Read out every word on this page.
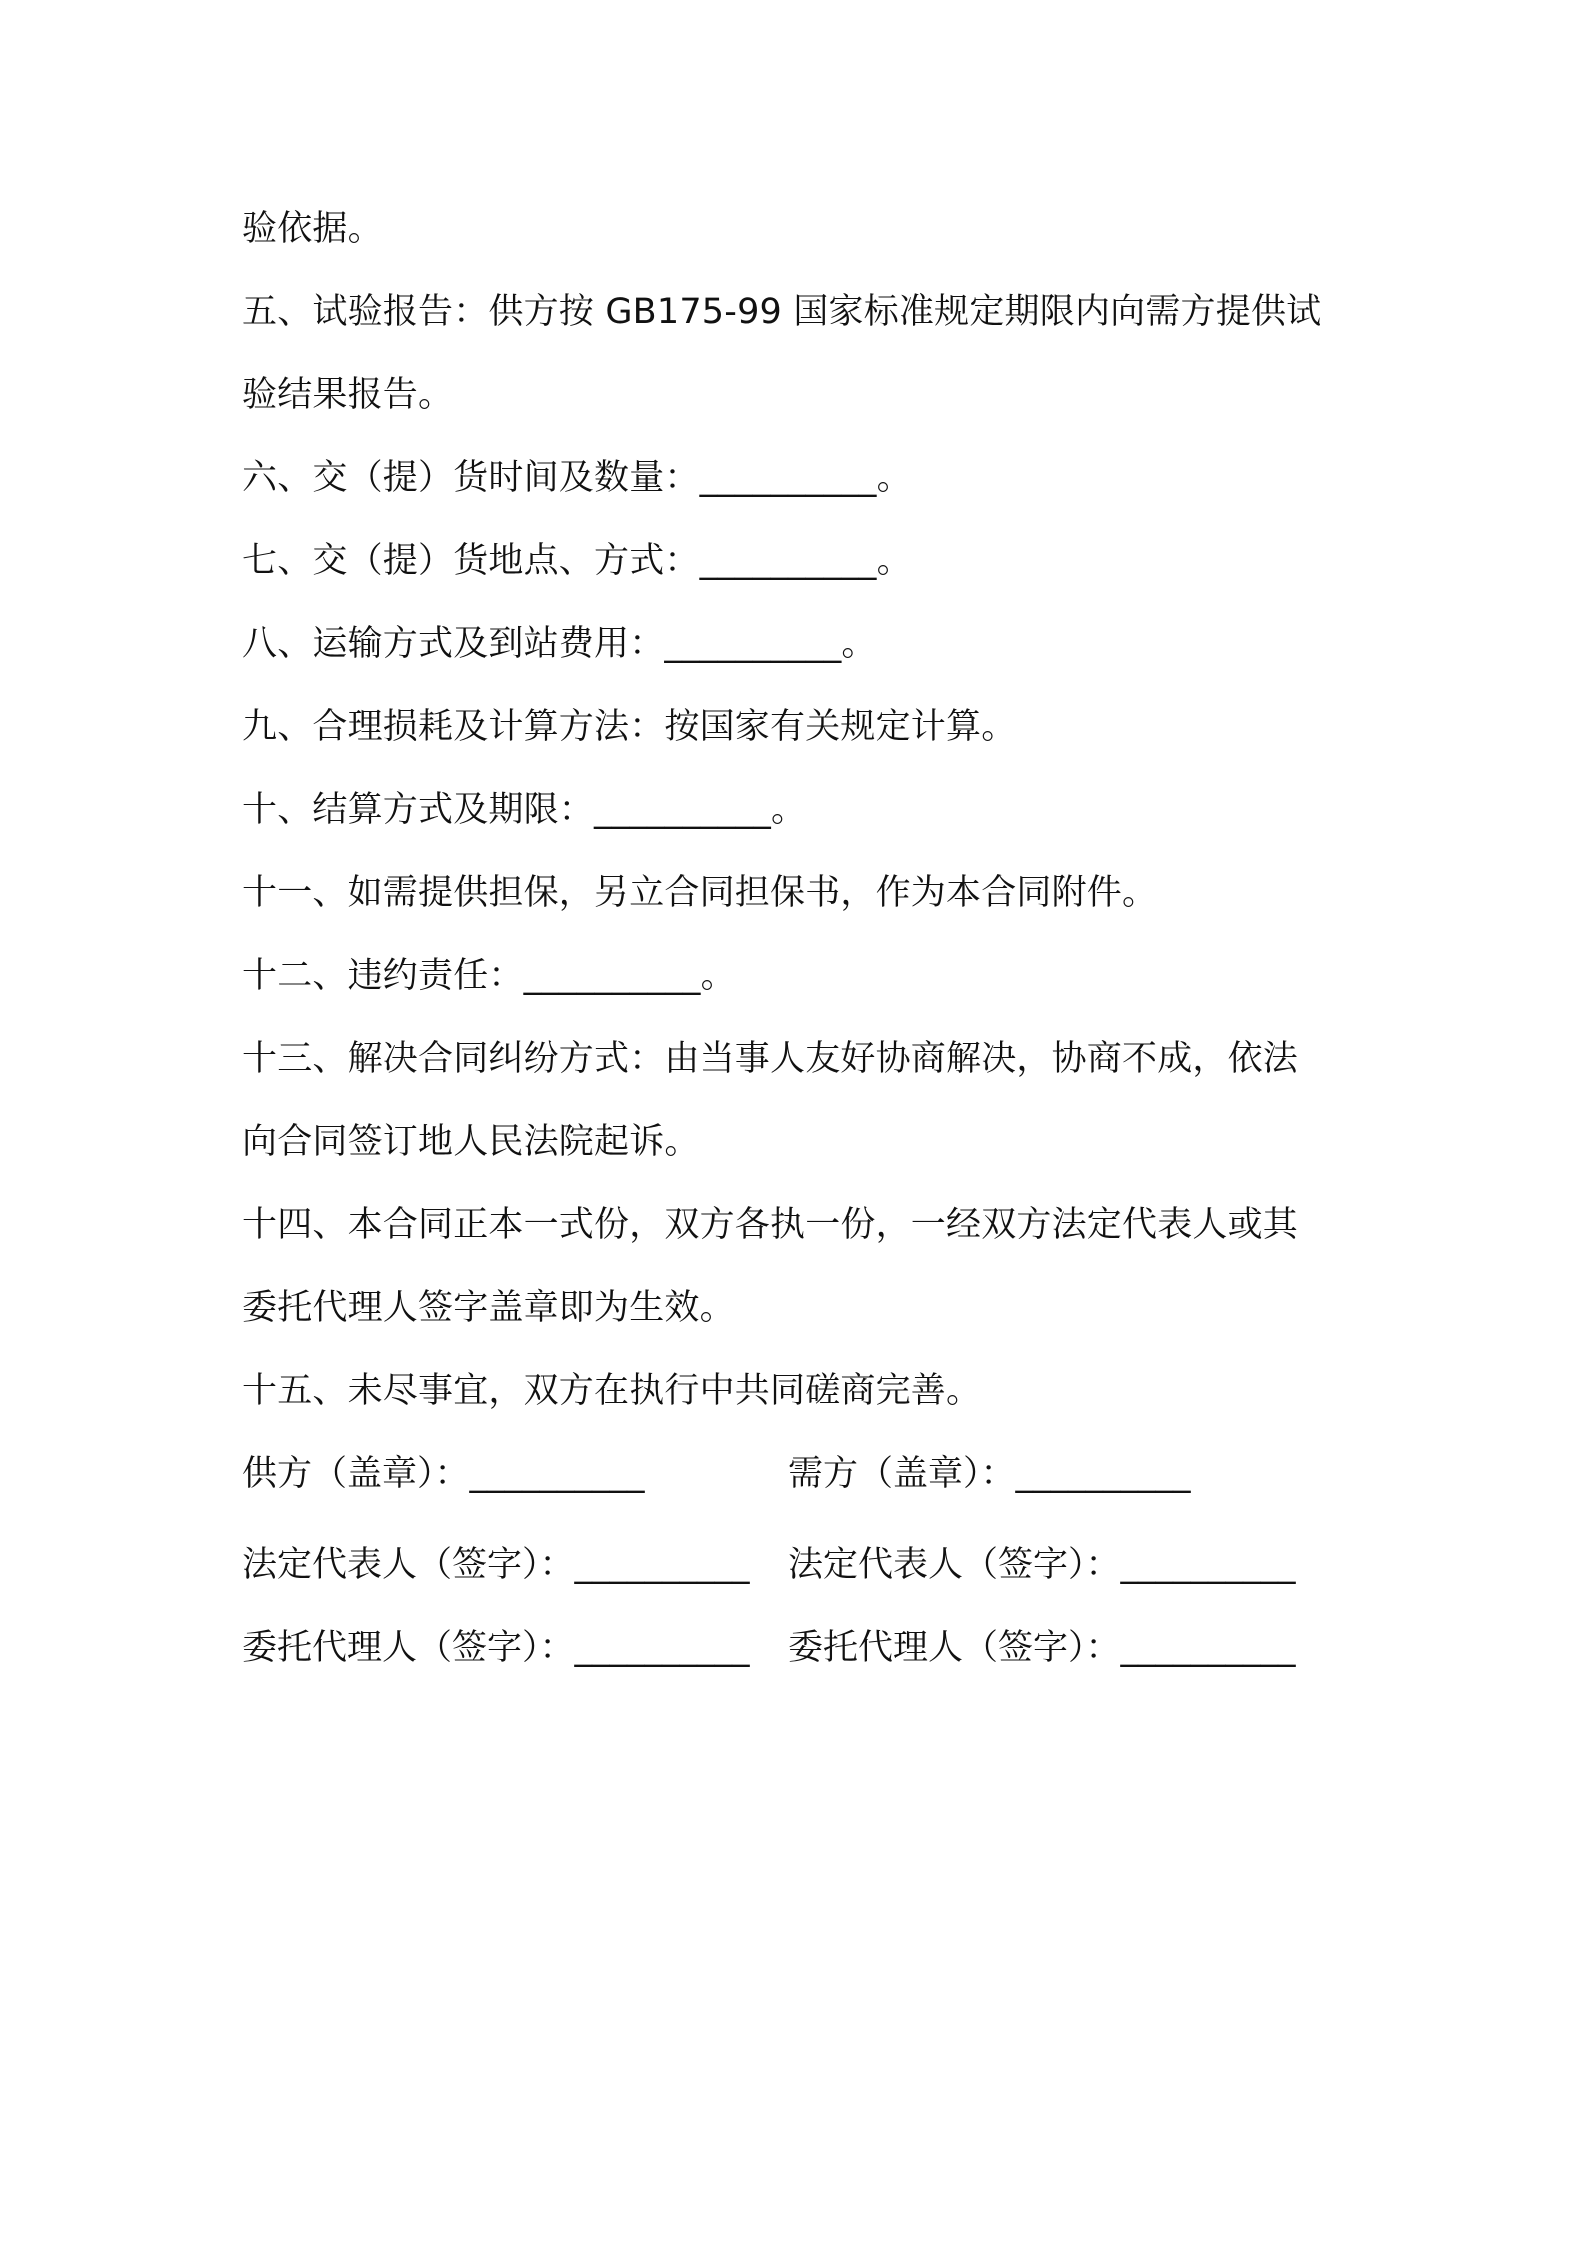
验依据。
五、试验报告：供方按 GB175-99 国家标准规定期限内向需方提供试
验结果报告。
六、交（提）货时间及数量：__________。
七、交（提）货地点、方式：__________。
八、运输方式及到站费用：__________。
九、合理损耗及计算方法：按国家有关规定计算。
十、结算方式及期限：__________。
十一、如需提供担保，另立合同担保书，作为本合同附件。
十二、违约责任：__________。
十三、解决合同纠纷方式：由当事人友好协商解决，协商不成，依法
向合同签订地人民法院起诉。
十四、本合同正本一式份，双方各执一份，一经双方法定代表人或其
委托代理人签字盖章即为生效。
十五、未尽事宜，双方在执行中共同磋商完善。
供方（盖章）：__________	需方（盖章）：__________
法定代表人（签字）：__________	法定代表人（签字）：__________
委托代理人（签字）：__________	委托代理人（签字）：__________
